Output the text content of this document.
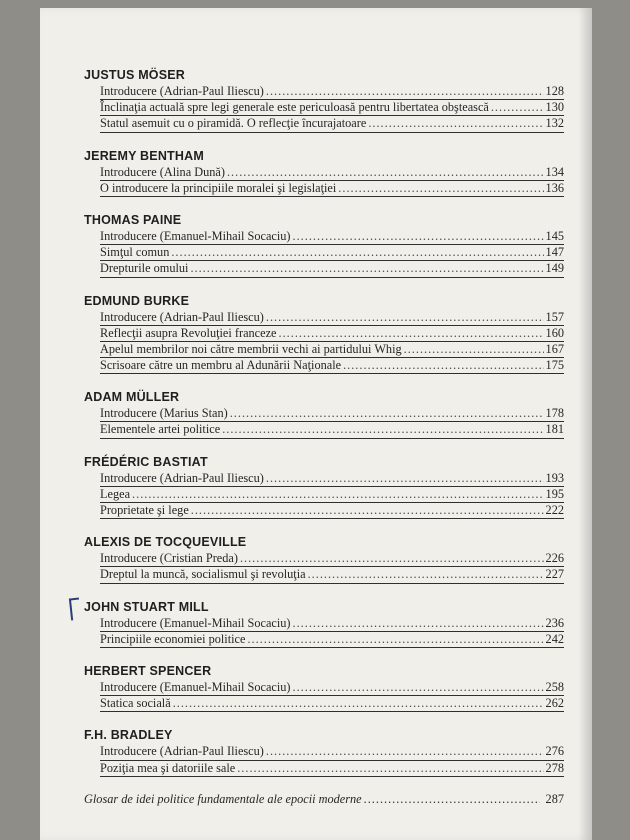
JUSTUS MÖSER
Introducere (Adrian-Paul Iliescu) .....	128
Înclinaţia actuală spre legi generale este periculoasă pentru libertatea obştească .....	130
Statul asemuit cu o piramidă. O reflecţie încurajatoare .....	132
JEREMY BENTHAM
Introducere (Alina Dună) .....	134
O introducere la principiile moralei şi legislaţiei .....	136
THOMAS PAINE
Introducere (Emanuel-Mihail Socaciu) .....	145
Simţul comun .....	147
Drepturile omului .....	149
EDMUND BURKE
Introducere (Adrian-Paul Iliescu) .....	157
Reflecţii asupra Revoluţiei franceze .....	160
Apelul membrilor noi către membrii vechi ai partidului Whig .....	167
Scrisoare către un membru al Adunării Naţionale .....	175
ADAM MÜLLER
Introducere (Marius Stan) .....	178
Elementele artei politice .....	181
FRÉDÉRIC BASTIAT
Introducere (Adrian-Paul Iliescu) .....	193
Legea .....	195
Proprietate şi lege .....	222
ALEXIS DE TOCQUEVILLE
Introducere (Cristian Preda) .....	226
Dreptul la muncă, socialismul şi revoluţia .....	227
JOHN STUART MILL
Introducere (Emanuel-Mihail Socaciu) .....	236
Principiile economiei politice .....	242
HERBERT SPENCER
Introducere (Emanuel-Mihail Socaciu) .....	258
Statica socială .....	262
F.H. BRADLEY
Introducere (Adrian-Paul Iliescu) .....	276
Poziţia mea şi datoriile sale .....	278
Glosar de idei politice fundamentale ale epocii moderne .....	287
